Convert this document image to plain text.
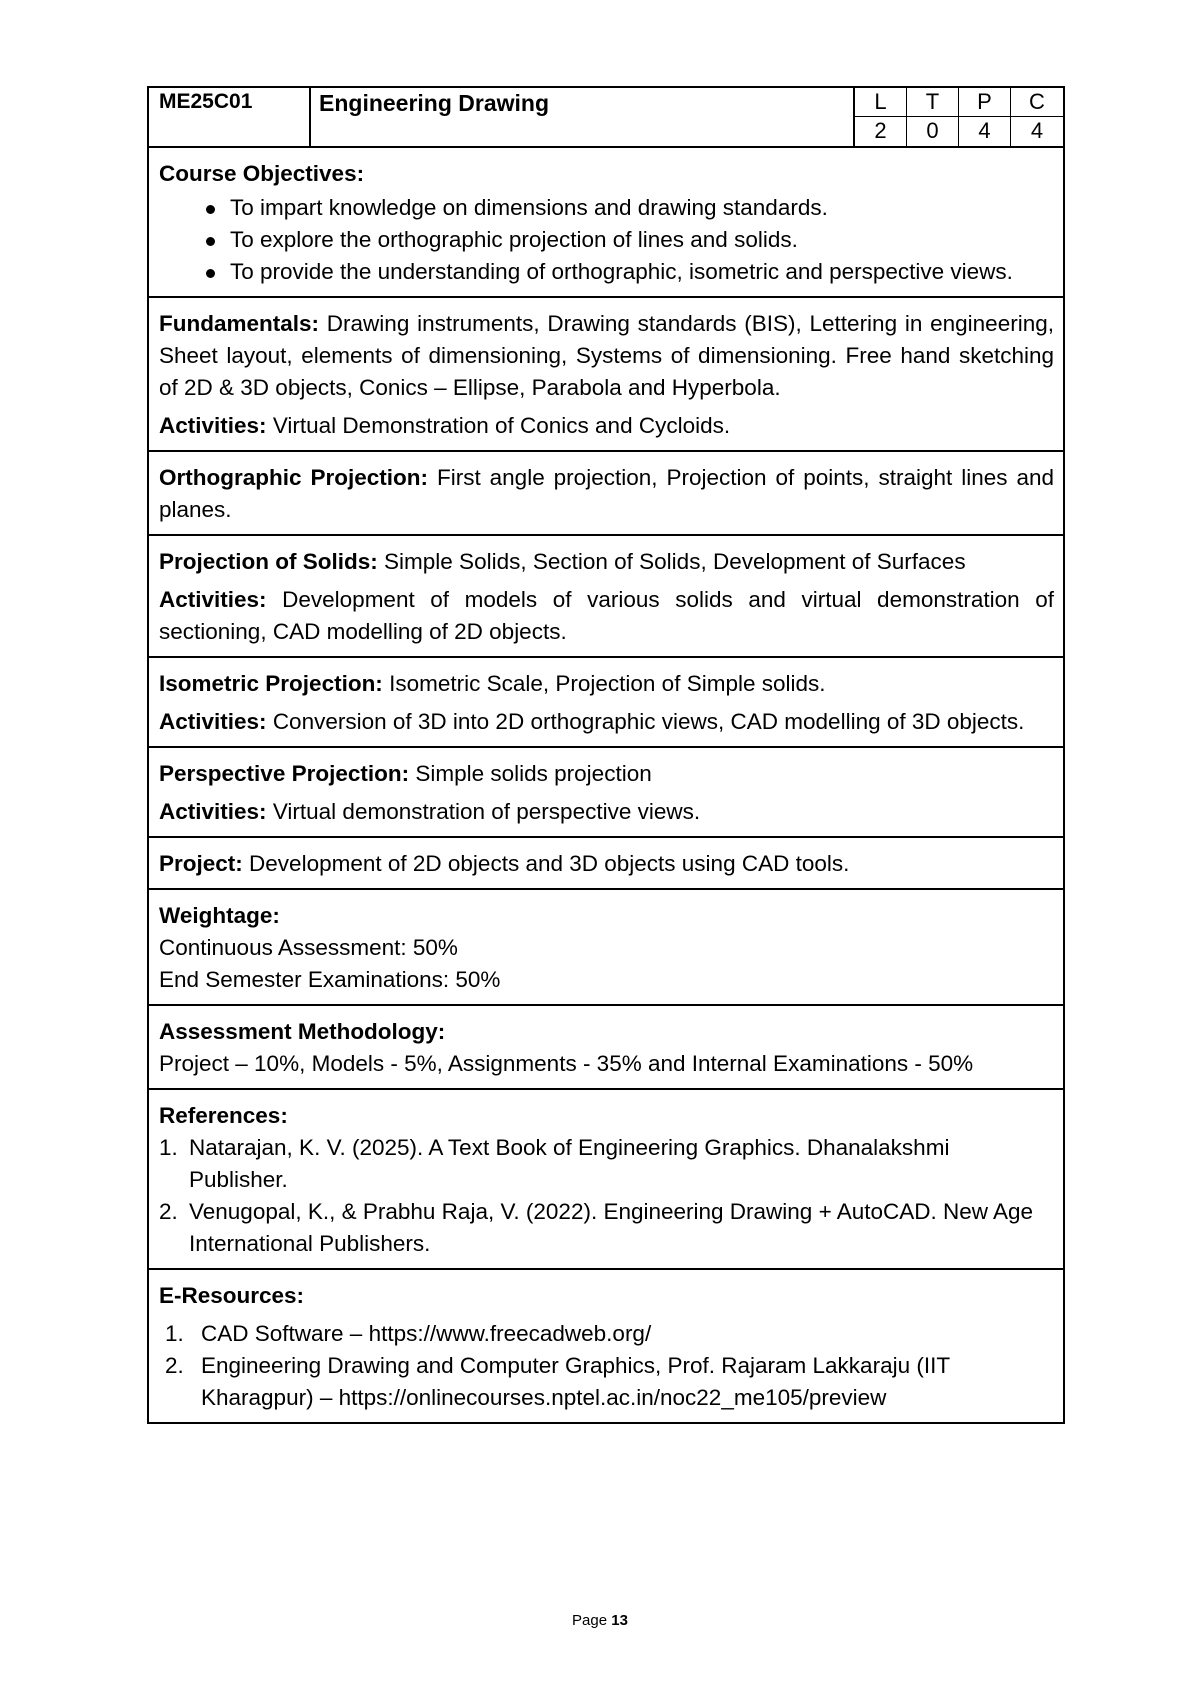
ME25C01	Engineering Drawing	L	T	P	C
2	0	4	4
Course Objectives:
To impart knowledge on dimensions and drawing standards.
To explore the orthographic projection of lines and solids.
To provide the understanding of orthographic, isometric and perspective views.
Fundamentals: Drawing instruments, Drawing standards (BIS), Lettering in engineering, Sheet layout, elements of dimensioning, Systems of dimensioning. Free hand sketching of 2D & 3D objects, Conics – Ellipse, Parabola and Hyperbola.
Activities: Virtual Demonstration of Conics and Cycloids.
Orthographic Projection: First angle projection, Projection of points, straight lines and planes.
Projection of Solids: Simple Solids, Section of Solids, Development of Surfaces
Activities: Development of models of various solids and virtual demonstration of sectioning, CAD modelling of 2D objects.
Isometric Projection: Isometric Scale, Projection of Simple solids.
Activities: Conversion of 3D into 2D orthographic views, CAD modelling of 3D objects.
Perspective Projection: Simple solids projection
Activities: Virtual demonstration of perspective views.
Project: Development of 2D objects and 3D objects using CAD tools.
Weightage:
Continuous Assessment: 50%
End Semester Examinations: 50%
Assessment Methodology:
Project – 10%, Models - 5%, Assignments - 35% and Internal Examinations - 50%
References:
1. Natarajan, K. V. (2025). A Text Book of Engineering Graphics. Dhanalakshmi Publisher.
2. Venugopal, K., & Prabhu Raja, V. (2022). Engineering Drawing + AutoCAD. New Age International Publishers.
E-Resources:
1. CAD Software – https://www.freecadweb.org/
2. Engineering Drawing and Computer Graphics, Prof. Rajaram Lakkaraju (IIT Kharagpur) – https://onlinecourses.nptel.ac.in/noc22_me105/preview
Page 13
